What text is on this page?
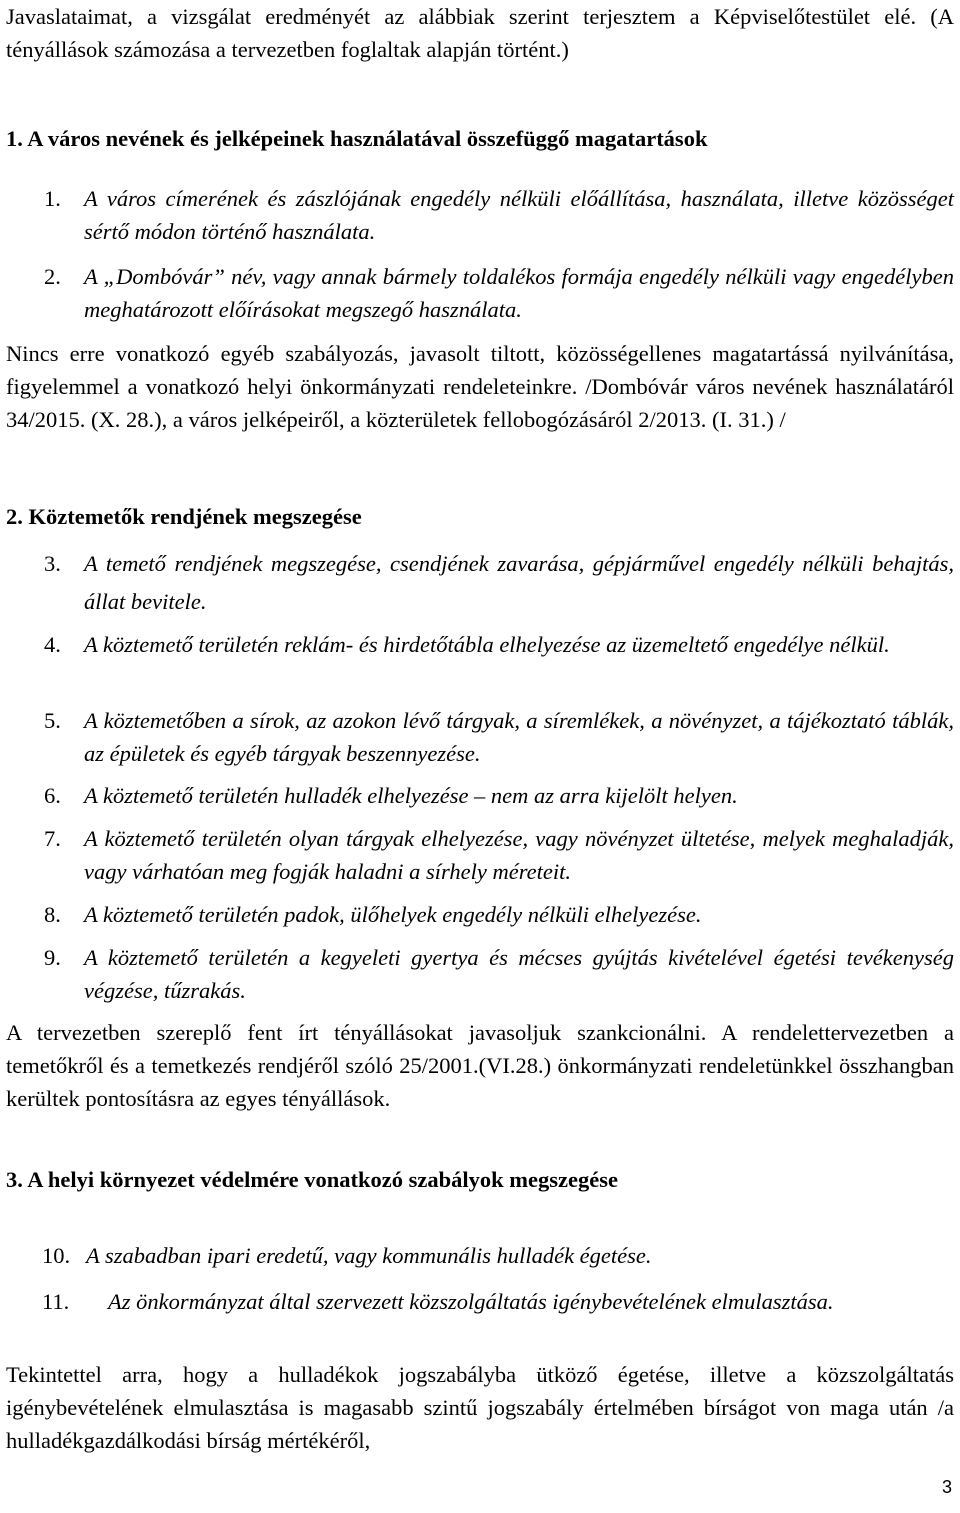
Javaslataimat, a vizsgálat eredményét az alábbiak szerint terjesztem a Képviselőtestület elé. (A tényállások számozása a tervezetben foglaltak alapján történt.)
1. A város nevének és jelképeinek használatával összefüggő magatartások
1. A város címerének és zászlójának engedély nélküli előállítása, használata, illetve közösséget sértő módon történő használata.
2. A „Dombóvár” név, vagy annak bármely toldalékos formája engedély nélküli vagy engedélyben meghatározott előírásokat megszegő használata.
Nincs erre vonatkozó egyéb szabályozás, javasolt tiltott, közösségellenes magatartássá nyilvánítása, figyelemmel a vonatkozó helyi önkormányzati rendeleteinkre. /Dombóvár város nevének használatáról 34/2015. (X. 28.), a város jelképeiről, a közterületek fellobogózásáról 2/2013. (I. 31.) /
2. Köztemetők rendjének megszegése
3. A temető rendjének megszegése, csendjének zavarása, gépjárművel engedély nélküli behajtás, állat bevitele.
4. A köztemető területén reklám- és hirdetőtábla elhelyezése az üzemeltető engedélye nélkül.
5. A köztemetőben a sírok, az azokon lévő tárgyak, a síremlékek, a növényzet, a tájékoztató táblák, az épületek és egyéb tárgyak beszennyezése.
6. A köztemető területén hulladék elhelyezése – nem az arra kijelölt helyen.
7. A köztemető területén olyan tárgyak elhelyezése, vagy növényzet ültetése, melyek meghaladják, vagy várhatóan meg fogják haladni a sírhely méreteit.
8. A köztemető területén padok, ülőhelyek engedély nélküli elhelyezése.
9. A köztemető területén a kegyeleti gyertya és mécses gyújtás kivételével égetési tevékenység végzése, tűzrakás.
A tervezetben szereplő fent írt tényállásokat javasoljuk szankcionálni. A rendelettervezetben a temetőkről és a temetkezés rendjéről szóló 25/2001.(VI.28.) önkormányzati rendeletünkkel összhangban kerültek pontosításra az egyes tényállások.
3. A helyi környezet védelmére vonatkozó szabályok megszegése
10. A szabadban ipari eredetű, vagy kommunális hulladék égetése.
11.	Az önkormányzat által szervezett közszolgáltatás igénybevételének elmulasztása.
Tekintettel arra, hogy a hulladékok jogszabályba ütköző égetése, illetve a közszolgáltatás igénybevételének elmulasztása is magasabb szintű jogszabály értelmében bírságot von maga után /a hulladékgazdálkodási bírság mértékéről,
3
